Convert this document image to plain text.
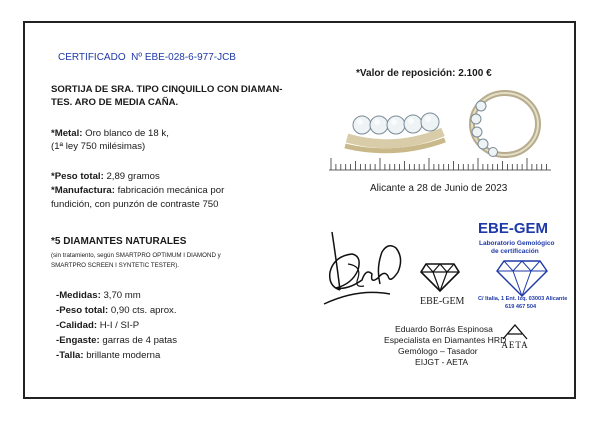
CERTIFICADO Nº EBE-028-6-977-JCB
SORTIJA DE SRA. TIPO CINQUILLO CON DIAMAN-
TES. ARO DE MEDIA CAÑA.
*Metal: Oro blanco de 18 k,
(1ª ley 750 milésimas)
*Peso total: 2,89 gramos
*Manufactura: fabricación mecánica por
fundición, con punzón de contraste 750
*5 DIAMANTES NATURALES
(sin tratamiento, según SMARTPRO OPTIMUM I DIAMOND y
SMARTPRO SCREEN I SYNTETIC TESTER).
-Medidas: 3,70 mm
-Peso total: 0,90 cts. aprox.
-Calidad: H-I / SI-P
-Engaste: garras de 4 patas
-Talla: brillante moderna
*Valor de reposición: 2.100 €
Alicante a 28 de Junio de 2023
EBE-GEM
EBE-GEM
Laboratorio Gemológico
de certificación
C/ Italia, 1 Ent. Izq. 03003 Alicante
619 467 504
Eduardo Borrás Espinosa
Especialista en Diamantes HRD
Gemólogo – Tasador
EIJGT - AETA
AETA
